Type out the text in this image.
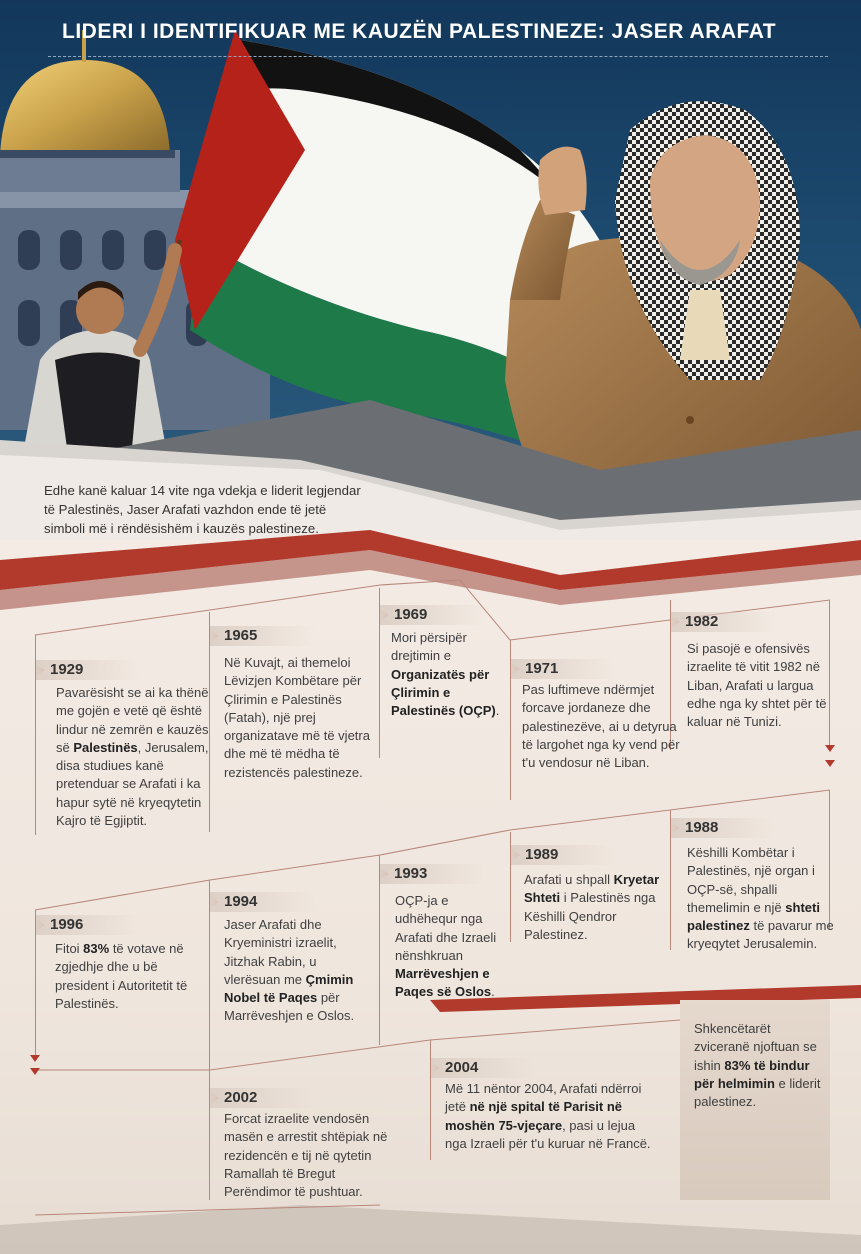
LIDERI I IDENTIFIKUAR ME KAUZËN PALESTINEZE: JASER ARAFAT

Edhe kanë kaluar 14 vite nga vdekja e liderit legjendar të Palestinës, Jaser Arafati vazhdon ende të jetë simboli më i rëndësishëm i kauzës palestineze.

1929
Pavarësisht se ai ka thënë me gojën e vetë që është lindur në zemrën e kauzës së Palestinës, Jerusalem, disa studiues kanë pretenduar se Arafati i ka hapur sytë në kryeqytetin Kajro të Egjiptit.
1965
Në Kuvajt, ai themeloi Lëvizjen Kombëtare për Çlirimin e Palestinës (Fatah), një prej organizatave më të vjetra dhe më të mëdha të rezistencës palestineze.
1969
Mori përsipër drejtimin e Organizatës për Çlirimin e Palestinës (OÇP).
1971
Pas luftimeve ndërmjet forcave jordaneze dhe palestinezëve, ai u detyrua të largohet nga ky vend për t'u vendosur në Liban.
1982
Si pasojë e ofensivës izraelite të vitit 1982 në Liban, Arafati u largua edhe nga ky shtet për të kaluar në Tunizi.
1988
Këshilli Kombëtar i Palestinës, një organ i OÇP-së, shpalli themelimin e një shteti palestinez të pavarur me kryeqytet Jerusalemin.
1989
Arafati u shpall Kryetar Shteti i Palestinës nga Këshilli Qendror Palestinez.
1993
OÇP-ja e udhëhequr nga Arafati dhe Izraeli nënshkruan Marrëveshjen e Paqes së Oslos.
1994
Jaser Arafati dhe Kryeministri izraelit, Jitzhak Rabin, u vlerësuan me Çmimin Nobel të Paqes për Marrëveshjen e Oslos.
1996
Fitoi 83% të votave në zgjedhje dhe u bë president i Autoritetit të Palestinës.
2002
Forcat izraelite vendosën masën e arrestit shtëpiak në rezidencën e tij në qytetin Ramallah të Bregut Perëndimor të pushtuar.
2004
Më 11 nëntor 2004, Arafati ndërroi jetë në një spital të Parisit në moshën 75-vjeçare, pasi u lejua nga Izraeli për t'u kuruar në Francë.
Shkencëtarët zviceranë njoftuan se ishin 83% të bindur për helmimin e liderit palestinez.
